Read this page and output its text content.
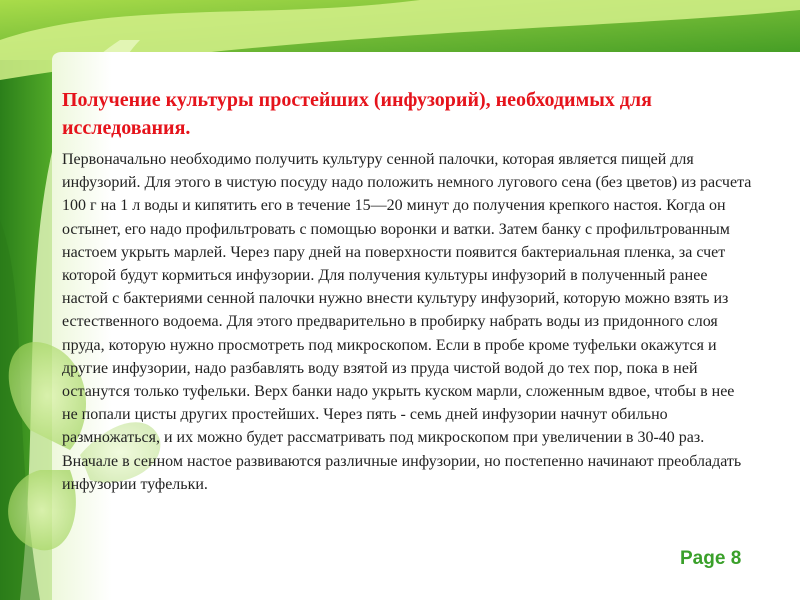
Получение культуры простейших (инфузорий), необходимых для исследования.
Первоначально необходимо получить культуру сенной палочки, которая является пищей для инфузорий. Для этого в чистую посуду надо положить немного лугового сена (без цветов) из расчета 100 г на 1 л воды и кипятить его в течение 15—20 минут до получения крепкого настоя. Когда он остынет, его надо профильтровать с помощью воронки и ватки. Затем банку с профильтрованным настоем укрыть марлей. Через пару дней на поверхности появится бактериальная пленка, за счет которой будут кормиться инфузории. Для получения культуры инфузорий в полученный ранее настой с бактериями сенной палочки нужно внести культуру инфузорий, которую можно взять из естественного водоема. Для этого предварительно в пробирку набрать воды из придонного слоя пруда, которую нужно просмотреть под микроскопом. Если в пробе кроме туфельки окажутся и другие инфузории, надо разбавлять воду взятой из пруда чистой водой до тех пор, пока в ней останутся только туфельки. Верх банки надо укрыть куском марли, сложенным вдвое, чтобы в нее не попали цисты других простейших. Через пять - семь дней инфузории начнут обильно размножаться, и их можно будет рассматривать под микроскопом при увеличении в 30-40 раз. Вначале в сенном настое развиваются различные инфузории, но постепенно начинают преобладать инфузории туфельки.
Page 8
